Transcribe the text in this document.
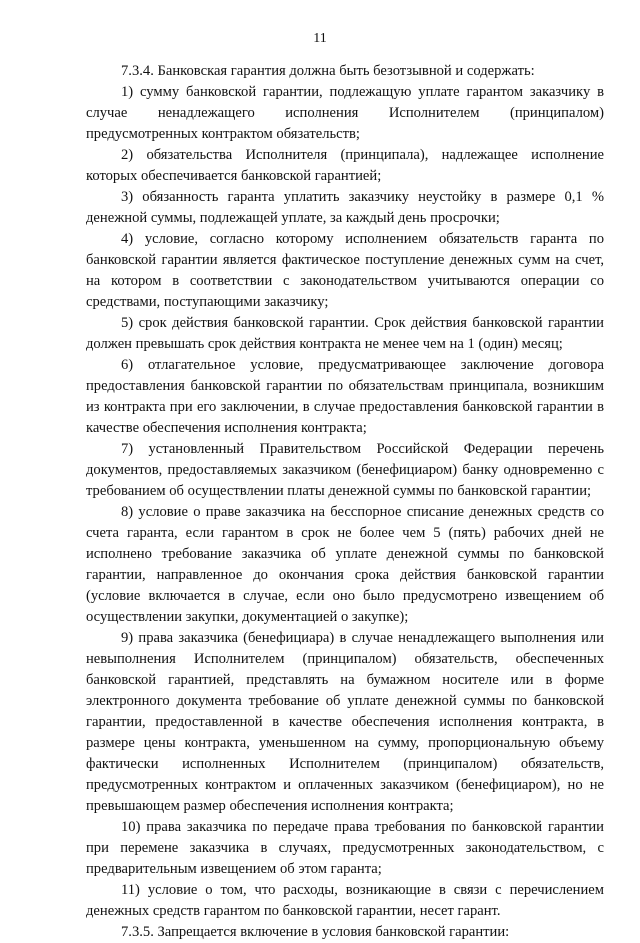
11

7.3.4. Банковская гарантия должна быть безотзывной и содержать:

1) сумму банковской гарантии, подлежащую уплате гарантом заказчику в случае ненадлежащего исполнения Исполнителем (принципалом) предусмотренных контрактом обязательств;

2) обязательства Исполнителя (принципала), надлежащее исполнение которых обеспечивается банковской гарантией;

3) обязанность гаранта уплатить заказчику неустойку в размере 0,1 % денежной суммы, подлежащей уплате, за каждый день просрочки;

4) условие, согласно которому исполнением обязательств гаранта по банковской гарантии является фактическое поступление денежных сумм на счет, на котором в соответствии с законодательством учитываются операции со средствами, поступающими заказчику;

5) срок действия банковской гарантии. Срок действия банковской гарантии должен превышать срок действия контракта не менее чем на 1 (один) месяц;

6) отлагательное условие, предусматривающее заключение договора предоставления банковской гарантии по обязательствам принципала, возникшим из контракта при его заключении, в случае предоставления банковской гарантии в качестве обеспечения исполнения контракта;

7) установленный Правительством Российской Федерации перечень документов, предоставляемых заказчиком (бенефициаром) банку одновременно с требованием об осуществлении платы денежной суммы по банковской гарантии;

8) условие о праве заказчика на бесспорное списание денежных средств со счета гаранта, если гарантом в срок не более чем 5 (пять) рабочих дней не исполнено требование заказчика об уплате денежной суммы по банковской гарантии, направленное до окончания срока действия банковской гарантии (условие включается в случае, если оно было предусмотрено извещением об осуществлении закупки, документацией о закупке);

9) права заказчика (бенефициара) в случае ненадлежащего выполнения или невыполнения Исполнителем (принципалом) обязательств, обеспеченных банковской гарантией, представлять на бумажном носителе или в форме электронного документа требование об уплате денежной суммы по банковской гарантии, предоставленной в качестве обеспечения исполнения контракта, в размере цены контракта, уменьшенном на сумму, пропорциональную объему фактически исполненных Исполнителем (принципалом) обязательств, предусмотренных контрактом и оплаченных заказчиком (бенефициаром), но не превышающем размер обеспечения исполнения контракта;

10) права заказчика по передаче права требования по банковской гарантии при перемене заказчика в случаях, предусмотренных законодательством, с предварительным извещением об этом гаранта;

11) условие о том, что расходы, возникающие в связи с перечислением денежных средств гарантом по банковской гарантии, несет гарант.

7.3.5. Запрещается включение в условия банковской гарантии:
